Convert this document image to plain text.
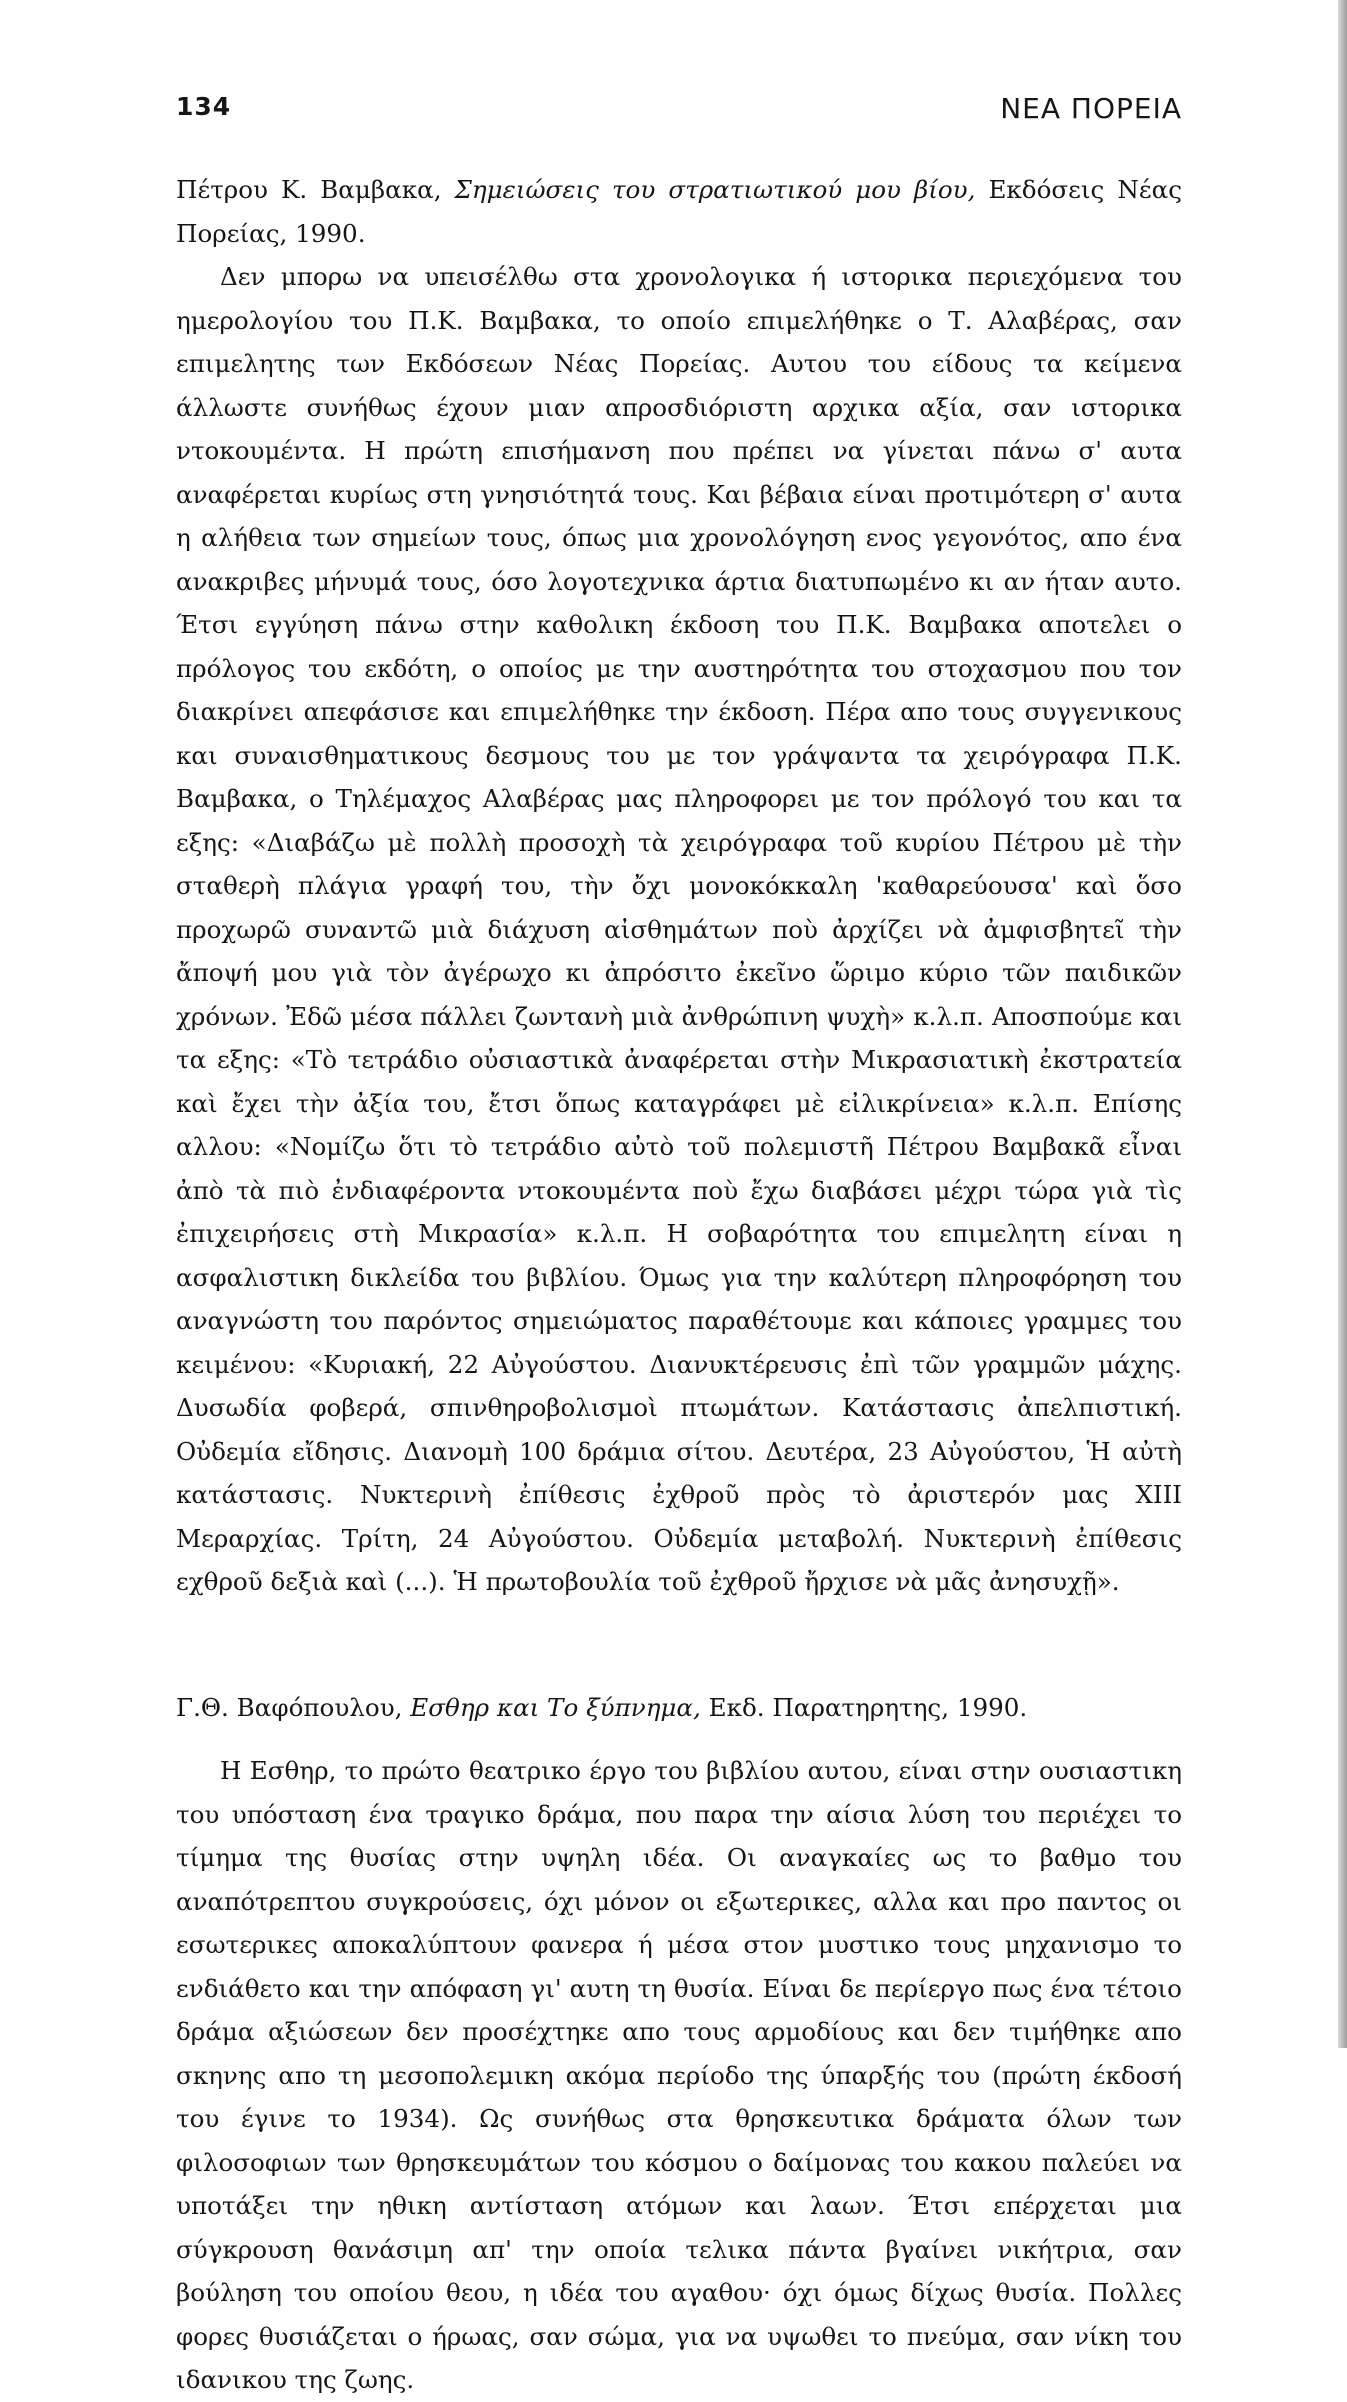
134	ΝΕΑ ΠΟΡΕΙΑ

Πέτρου Κ. Βαμβακα, Σημειώσεις του στρατιωτικού μου βίου, Εκδόσεις Νέας Πορείας, 1990.

Δεν μπορω να υπεισέλθω στα χρονολογικα ή ιστορικα περιεχόμενα του ημερολογίου του Π.Κ. Βαμβακα, το οποίο επιμελήθηκε ο Τ. Αλαβέρας, σαν επιμελητης των Εκδόσεων Νέας Πορείας. Αυτου του είδους τα κείμενα άλλωστε συνήθως έχουν μιαν απροσδιόριστη αρχικα αξία, σαν ιστορικα ντοκουμέντα. Η πρώτη επισήμανση που πρέπει να γίνεται πάνω σ' αυτα αναφέρεται κυρίως στη γνησιότητά τους. Και βέβαια είναι προτιμότερη σ' αυτα η αλήθεια των σημείων τους, όπως μια χρονολόγηση ενος γεγονότος, απο ένα ανακριβες μήνυμά τους, όσο λογοτεχνικα άρτια διατυπωμένο κι αν ήταν αυτο. Έτσι εγγύηση πάνω στην καθολικη έκδοση του Π.Κ. Βαμβακα αποτελει ο πρόλογος του εκδότη, ο οποίος με την αυστηρότητα του στοχασμου που τον διακρίνει απεφάσισε και επιμελήθηκε την έκδοση. Πέρα απο τους συγγενικους και συναισθηματικους δεσμους του με τον γράψαντα τα χειρόγραφα Π.Κ. Βαμβακα, ο Τηλέμαχος Αλαβέρας μας πληροφορει με τον πρόλογό του και τα εξης: «Διαβάζω μὲ πολλὴ προσοχὴ τὰ χειρόγραφα τοῦ κυρίου Πέτρου μὲ τὴν σταθερὴ πλάγια γραφή του, τὴν ὄχι μονοκόκκαλη 'καθαρεύουσα' καὶ ὅσο προχωρῶ συναντῶ μιὰ διάχυση αἰσθημάτων ποὺ ἀρχίζει νὰ ἀμφισβητεῖ τὴν ἄποψή μου γιὰ τὸν ἀγέρωχο κι ἀπρόσιτο ἐκεῖνο ὥριμο κύριο τῶν παιδικῶν χρόνων. Ἐδῶ μέσα πάλλει ζωντανὴ μιὰ ἀνθρώπινη ψυχὴ» κ.λ.π. Αποσπούμε και τα εξης: «Τὸ τετράδιο οὐσιαστικὰ ἀναφέρεται στὴν Μικρασιατικὴ ἐκστρατεία καὶ ἔχει τὴν ἀξία του, ἔτσι ὅπως καταγράφει μὲ εἰλικρίνεια» κ.λ.π. Επίσης αλλου: «Νομίζω ὅτι τὸ τετράδιο αὐτὸ τοῦ πολεμιστῆ Πέτρου Βαμβακᾶ εἶναι ἀπὸ τὰ πιὸ ἐνδιαφέροντα ντοκουμέντα ποὺ ἔχω διαβάσει μέχρι τώρα γιὰ τὶς ἐπιχειρήσεις στὴ Μικρασία» κ.λ.π. Η σοβαρότητα του επιμελητη είναι η ασφαλιστικη δικλείδα του βιβλίου. Όμως για την καλύτερη πληροφόρηση του αναγνώστη του παρόντος σημειώματος παραθέτουμε και κάποιες γραμμες του κειμένου: «Κυριακή, 22 Αὐγούστου. Διανυκτέρευσις ἐπὶ τῶν γραμμῶν μάχης. Δυσωδία φοβερά, σπινθηροβολισμοὶ πτωμάτων. Κατάστασις ἀπελπιστική. Οὐδεμία εἴδησις. Διανομὴ 100 δράμια σίτου. Δευτέρα, 23 Αὐγούστου, Ἡ αὐτὴ κατάστασις. Νυκτερινὴ ἐπίθεσις ἐχθροῦ πρὸς τὸ ἀριστερόν μας XIII Μεραρχίας. Τρίτη, 24 Αὐγούστου. Οὐδεμία μεταβολή. Νυκτερινὴ ἐπίθεσις εχθροῦ δεξιὰ καὶ (...). Ἡ πρωτοβουλία τοῦ ἐχθροῦ ἤρχισε νὰ μᾶς ἀνησυχῇ».

Γ.Θ. Βαφόπουλου, Εσθηρ και Το ξύπνημα, Εκδ. Παρατηρητης, 1990.

Η Εσθηρ, το πρώτο θεατρικο έργο του βιβλίου αυτου, είναι στην ουσιαστικη του υπόσταση ένα τραγικο δράμα, που παρα την αίσια λύση του περιέχει το τίμημα της θυσίας στην υψηλη ιδέα. Οι αναγκαίες ως το βαθμο του αναπότρεπτου συγκρούσεις, όχι μόνον οι εξωτερικες, αλλα και προ παντος οι εσωτερικες αποκαλύπτουν φανερα ή μέσα στον μυστικο τους μηχανισμο το ενδιάθετο και την απόφαση γι' αυτη τη θυσία. Είναι δε περίεργο πως ένα τέτοιο δράμα αξιώσεων δεν προσέχτηκε απο τους αρμοδίους και δεν τιμήθηκε απο σκηνης απο τη μεσοπολεμικη ακόμα περίοδο της ύπαρξής του (πρώτη έκδοσή του έγινε το 1934). Ως συνήθως στα θρησκευτικα δράματα όλων των φιλοσοφιων των θρησκευμάτων του κόσμου ο δαίμονας του κακου παλεύει να υποτάξει την ηθικη αντίσταση ατόμων και λαων. Έτσι επέρχεται μια σύγκρουση θανάσιμη απ' την οποία τελικα πάντα βγαίνει νικήτρια, σαν βούληση του οποίου θεου, η ιδέα του αγαθου· όχι όμως δίχως θυσία. Πολλες φορες θυσιάζεται ο ήρωας, σαν σώμα, για να υψωθει το πνεύμα, σαν νίκη του ιδανικου της ζωης.
